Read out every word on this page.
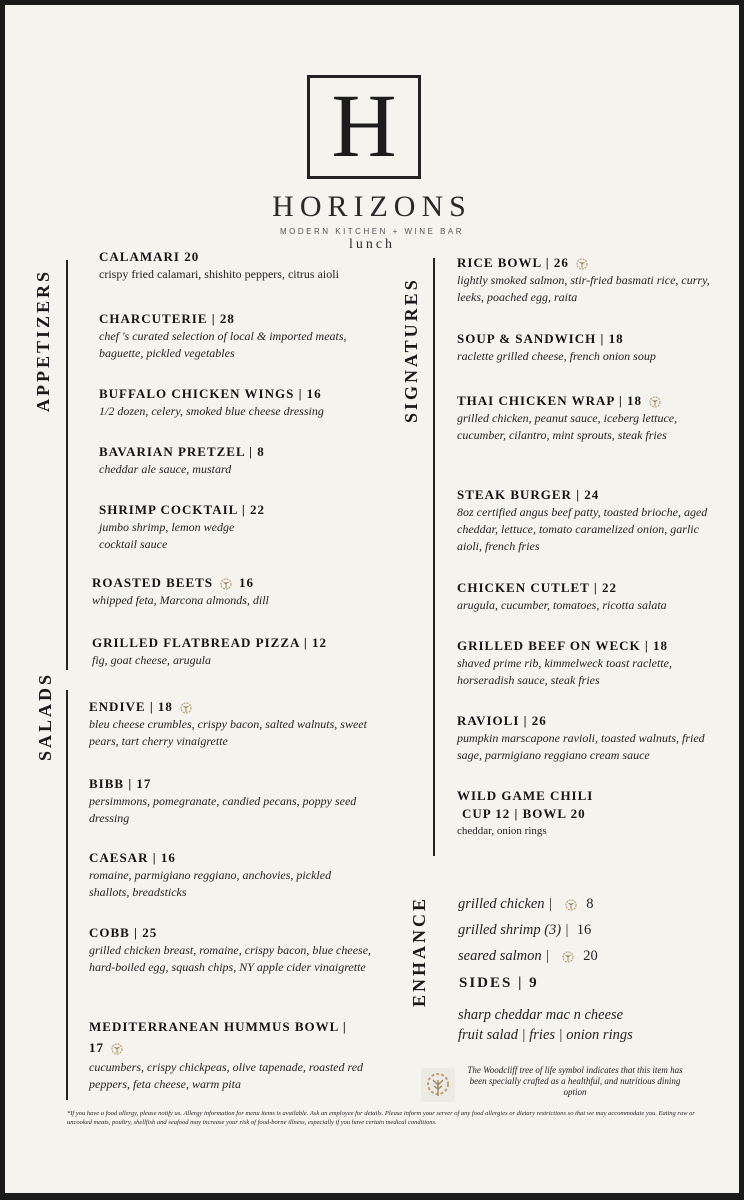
H
HORIZONS
MODERN KITCHEN + WINE BAR
lunch
APPETIZERS
SALADS
SIGNATURES
ENHANCE
CALAMARI 20
crispy fried calamari, shishito peppers, citrus aioli
CHARCUTERIE | 28
chef 's curated selection of local & imported meats, baguette, pickled vegetables
BUFFALO CHICKEN WINGS | 16
1/2 dozen, celery, smoked blue cheese dressing
BAVARIAN PRETZEL | 8
cheddar ale sauce, mustard
SHRIMP COCKTAIL | 22
jumbo shrimp, lemon wedge cocktail sauce
ROASTED BEETS 16
whipped feta, Marcona almonds, dill
GRILLED FLATBREAD PIZZA | 12
fig, goat cheese, arugula
ENDIVE | 18
bleu cheese crumbles, crispy bacon, salted walnuts, sweet pears, tart cherry vinaigrette
BIBB | 17
persimmons, pomegranate, candied pecans, poppy seed dressing
CAESAR | 16
romaine, parmigiano reggiano, anchovies, pickled shallots, breadsticks
COBB | 25
grilled chicken breast, romaine, crispy bacon, blue cheese, hard-boiled egg, squash chips, NY apple cider vinaigrette
MEDITERRANEAN HUMMUS BOWL |
17
cucumbers, crispy chickpeas, olive tapenade, roasted red peppers, feta cheese, warm pita
RICE BOWL | 26
lightly smoked salmon, stir-fried basmati rice, curry, leeks, poached egg, raita
SOUP & SANDWICH | 18
raclette grilled cheese, french onion soup
THAI CHICKEN WRAP | 18
grilled chicken, peanut sauce, iceberg lettuce, cucumber, cilantro, mint sprouts, steak fries
STEAK BURGER | 24
8oz certified angus beef patty, toasted brioche, aged cheddar, lettuce, tomato caramelized onion, garlic aioli, french fries
CHICKEN CUTLET | 22
arugula, cucumber, tomatoes, ricotta salata
GRILLED BEEF ON WECK | 18
shaved prime rib, kimmelweck toast raclette, horseradish sauce, steak fries
RAVIOLI | 26
pumpkin marscapone ravioli, toasted walnuts, fried sage, parmigiano reggiano cream sauce
WILD GAME CHILI
CUP 12 | BOWL 20
cheddar, onion rings
grilled chicken | 8
grilled shrimp (3) | 16
seared salmon | 20
SIDES | 9
sharp cheddar mac n cheese
fruit salad | fries | onion rings
The Woodcliff tree of life symbol indicates that this item has been specially crafted as a healthful, and nutritious dining option
*If you have a food allergy, please notify us. Allergy information for menu items is available. Ask an employee for details. Please inform your server of any food allergies or dietary restrictions so that we may accommodate you. Eating raw or uncooked meats, poultry, shellfish and seafood may increase your risk of food-borne illness, especially if you have certain medical conditions.
